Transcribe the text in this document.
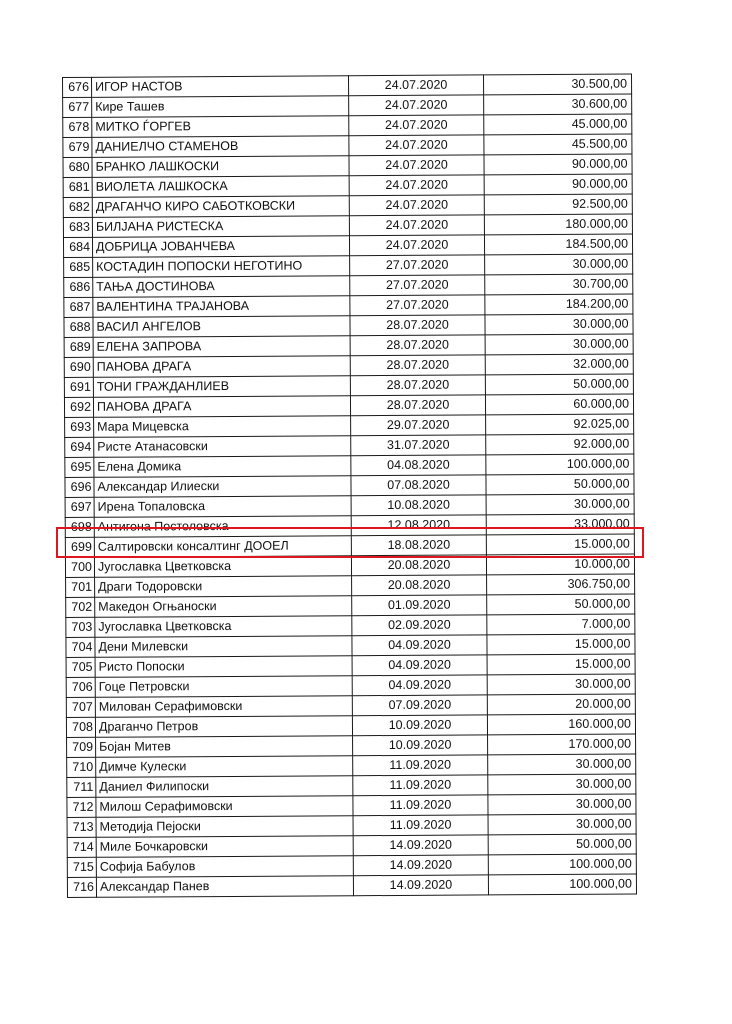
676	ИГОР НАСТОВ	24.07.2020	30.500,00
677	Кире Ташев	24.07.2020	30.600,00
678	МИТКО ЃОРГЕВ	24.07.2020	45.000,00
679	ДАНИЕЛЧО СТАМЕНОВ	24.07.2020	45.500,00
680	БРАНКО ЛАШКОСКИ	24.07.2020	90.000,00
681	ВИОЛЕТА ЛАШКОСКА	24.07.2020	90.000,00
682	ДРАГАНЧО КИРО САБОТКОВСКИ	24.07.2020	92.500,00
683	БИЛЈАНА РИСТЕСКА	24.07.2020	180.000,00
684	ДОБРИЦА ЈОВАНЧЕВА	24.07.2020	184.500,00
685	КОСТАДИН ПОПОСКИ НЕГОТИНО	27.07.2020	30.000,00
686	ТАЊА ДОСТИНОВА	27.07.2020	30.700,00
687	ВАЛЕНТИНА ТРАЈАНОВА	27.07.2020	184.200,00
688	ВАСИЛ АНГЕЛОВ	28.07.2020	30.000,00
689	ЕЛЕНА ЗАПРОВА	28.07.2020	30.000,00
690	ПАНОВА ДРАГА	28.07.2020	32.000,00
691	ТОНИ ГРАЖДАНЛИЕВ	28.07.2020	50.000,00
692	ПАНОВА ДРАГА	28.07.2020	60.000,00
693	Мара Мицевска	29.07.2020	92.025,00
694	Ристе Атанасовски	31.07.2020	92.000,00
695	Елена Домика	04.08.2020	100.000,00
696	Александар Илиески	07.08.2020	50.000,00
697	Ирена Топаловска	10.08.2020	30.000,00
698	Антигона Постоловска	12.08.2020	33.000,00
699	Салтировски консалтинг ДООЕЛ	18.08.2020	15.000,00
700	Југославка Цветковска	20.08.2020	10.000,00
701	Драги Тодоровски	20.08.2020	306.750,00
702	Македон Огњаноски	01.09.2020	50.000,00
703	Југославка Цветковска	02.09.2020	7.000,00
704	Дени Милевски	04.09.2020	15.000,00
705	Ристо Попоски	04.09.2020	15.000,00
706	Гоце Петровски	04.09.2020	30.000,00
707	Милован Серафимовски	07.09.2020	20.000,00
708	Драганчо Петров	10.09.2020	160.000,00
709	Бојан Митев	10.09.2020	170.000,00
710	Димче Кулески	11.09.2020	30.000,00
711	Даниел Филипоски	11.09.2020	30.000,00
712	Милош Серафимовски	11.09.2020	30.000,00
713	Методија Пејоски	11.09.2020	30.000,00
714	Миле Бочкаровски	14.09.2020	50.000,00
715	Софија Бабулов	14.09.2020	100.000,00
716	Александар Панев	14.09.2020	100.000,00
